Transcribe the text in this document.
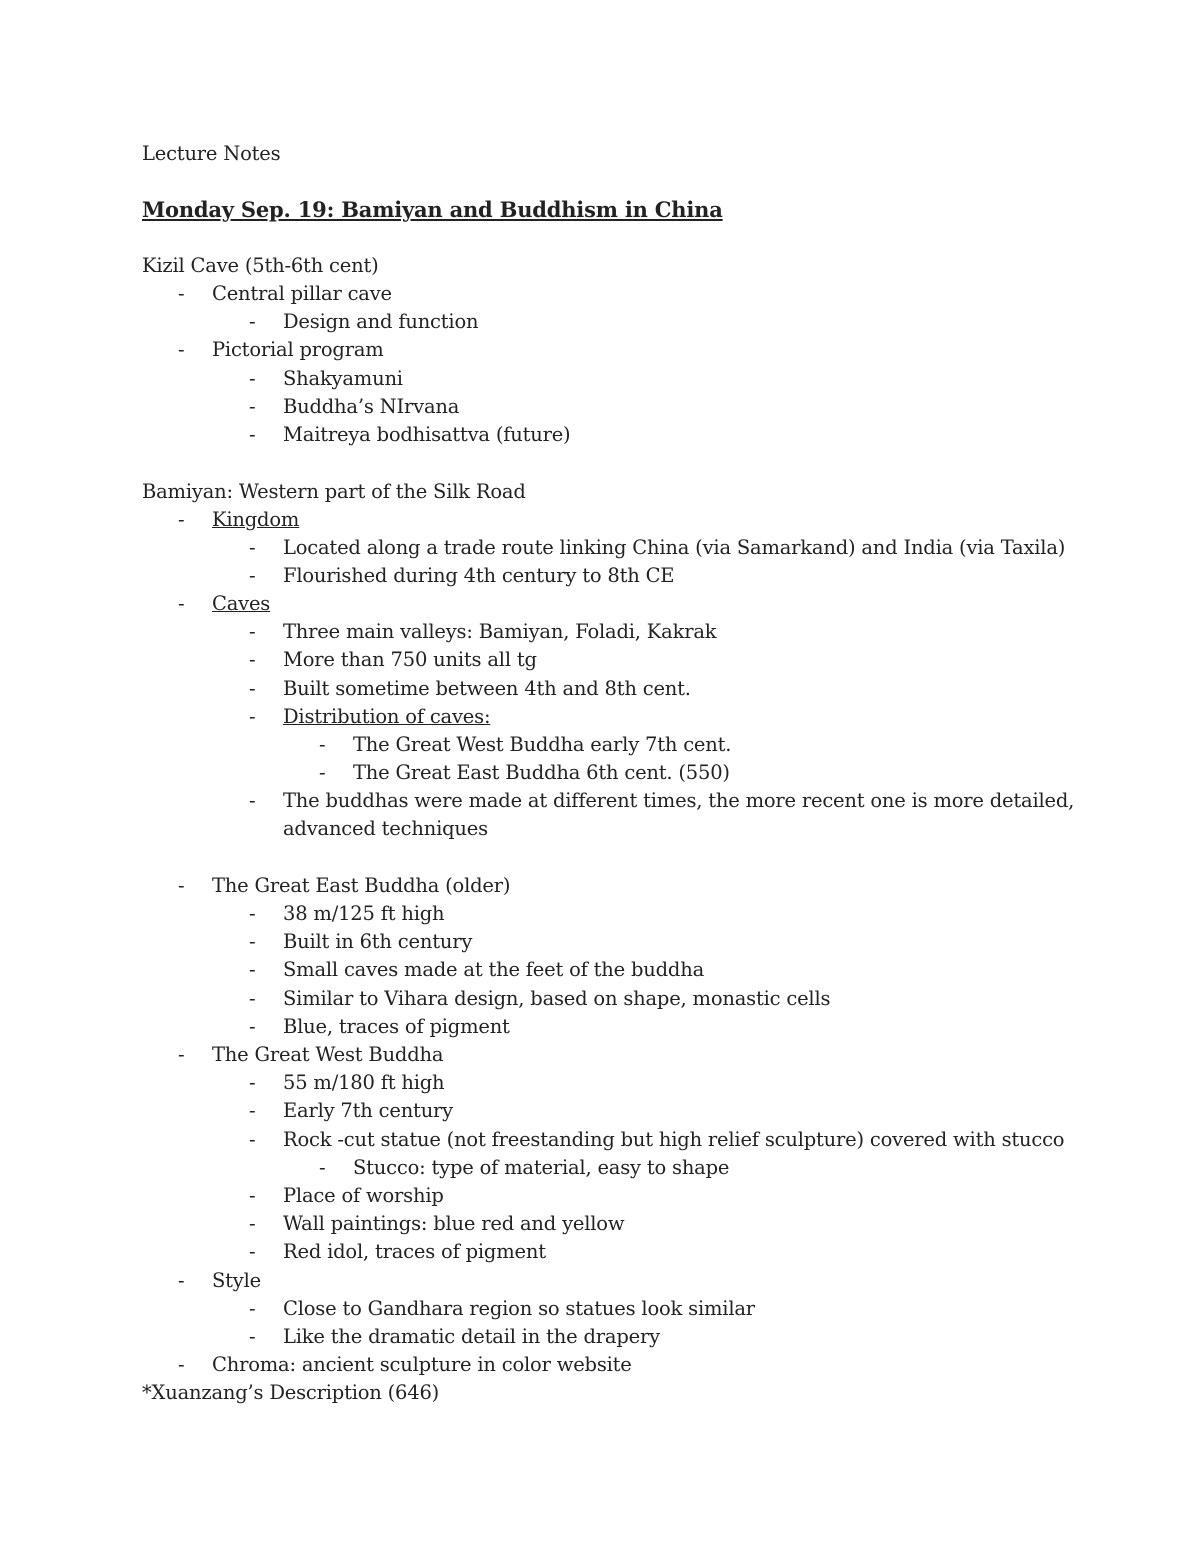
Lecture Notes
Monday Sep. 19: Bamiyan and Buddhism in China
Kizil Cave (5th-6th cent)
- Central pillar cave
- Design and function
- Pictorial program
- Shakyamuni
- Buddha’s NIrvana
- Maitreya bodhisattva (future)
Bamiyan: Western part of the Silk Road
- Kingdom
- Located along a trade route linking China (via Samarkand) and India (via Taxila)
- Flourished during 4th century to 8th CE
- Caves
- Three main valleys: Bamiyan, Foladi, Kakrak
- More than 750 units all tg
- Built sometime between 4th and 8th cent.
- Distribution of caves:
- The Great West Buddha early 7th cent.
- The Great East Buddha 6th cent. (550)
- The buddhas were made at different times, the more recent one is more detailed,
advanced techniques
- The Great East Buddha (older)
- 38 m/125 ft high
- Built in 6th century
- Small caves made at the feet of the buddha
- Similar to Vihara design, based on shape, monastic cells
- Blue, traces of pigment
- The Great West Buddha
- 55 m/180 ft high
- Early 7th century
- Rock -cut statue (not freestanding but high relief sculpture) covered with stucco
- Stucco: type of material, easy to shape
- Place of worship
- Wall paintings: blue red and yellow
- Red idol, traces of pigment
- Style
- Close to Gandhara region so statues look similar
- Like the dramatic detail in the drapery
- Chroma: ancient sculpture in color website
*Xuanzang’s Description (646)
